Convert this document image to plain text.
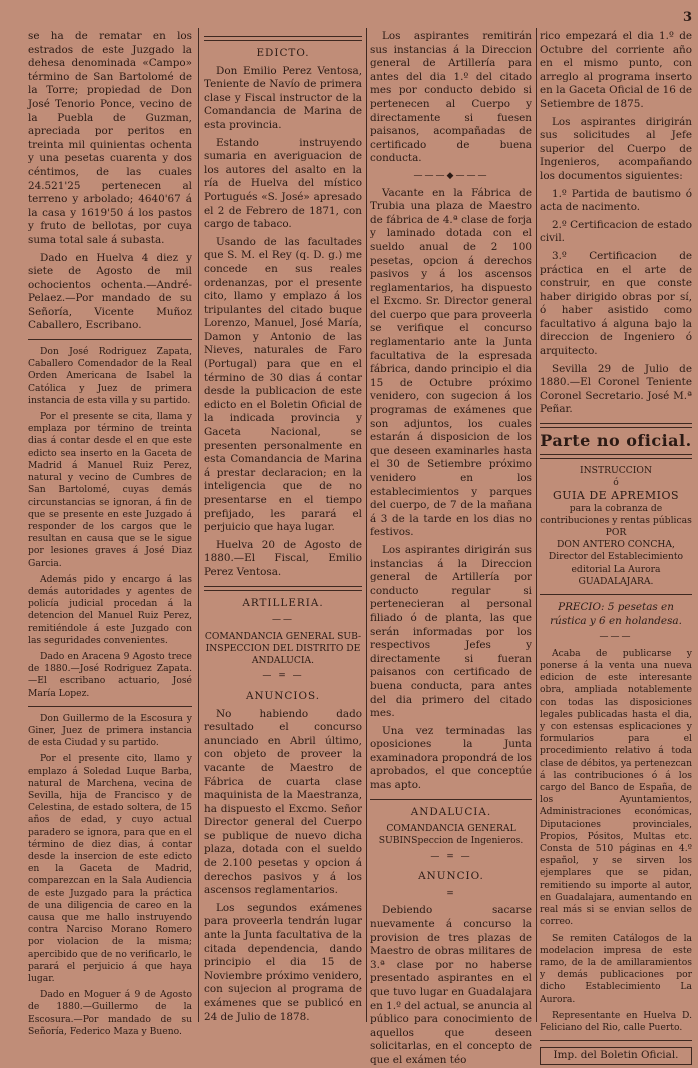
3

se ha de rematar en los estrados de este Juzgado la dehesa denominada «Campo» término de San Bartolomé de la Torre; propiedad de Don José Tenorio Ponce, vecino de la Puebla de Guzman, apreciada por peritos en treinta mil quinientas ochenta y una pesetas cuarenta y dos céntimos, de las cuales 24.521'25 pertenecen al terreno y arbolado; 4640'67 á la casa y 1619'50 á los pastos y fruto de bellotas, por cuya suma total sale á subasta.

Dado en Huelva 4 diez y siete de Agosto de mil ochocientos ochenta.—André-Pelaez.—Por mandado de su Señoría, Vicente Muñoz Caballero, Escribano.

Don José Rodriguez Zapata, Caballero Comendador de la Real Orden Americana de Isabel la Católica y Juez de primera instancia de esta villa y su partido.

Por el presente se cita, llama y emplaza por término de treinta dias á contar desde el en que este edicto sea inserto en la Gaceta de Madrid á Manuel Ruiz Perez, natural y vecino de Cumbres de San Bartolomé, cuyas demás circunstancias se ignoran, á fin de que se presente en este Juzgado á responder de los cargos que le resultan en causa que se le sigue por lesiones graves á José Diaz Garcia.

Además pido y encargo á las demás autoridades y agentes de policía judicial procedan á la detencion del Manuel Ruiz Perez, remitiéndole á este Juzgado con las seguridades convenientes.

Dado en Aracena 9 Agosto trece de 1880.—José Rodriguez Zapata.—El escribano actuario, José María Lopez.

Don Guillermo de la Escosura y Giner, Juez de primera instancia de esta Ciudad y su partido.

Por el presente cito, llamo y emplazo á Soledad Luque Barba, natural de Marchena, vecina de Sevilla, hija de Francisco y de Celestina, de estado soltera, de 15 años de edad, y cuyo actual paradero se ignora, para que en el término de diez dias, á contar desde la insercion de este edicto en la Gaceta de Madrid, comparezcan en la Sala Audiencia de este Juzgado para la práctica de una diligencia de careo en la causa que me hallo instruyendo contra Narciso Morano Romero por violacion de la misma; apercibido que de no verificarlo, le parará el perjuicio á que haya lugar.

Dado en Moguer á 9 de Agosto de 1880.—Guillermo de la Escosura.—Por mandado de su Señoría, Federico Maza y Bueno.

EDICTO.

Don Emilio Perez Ventosa, Teniente de Navío de primera clase y Fiscal instructor de la Comandancia de Marina de esta provincia.

Estando instruyendo sumaria en averiguacion de los autores del asalto en la ría de Huelva del místico Portugués «S. José» apresado el 2 de Febrero de 1871, con cargo de tabaco.

Usando de las facultades que S. M. el Rey (q. D. g.) me concede en sus reales ordenanzas, por el presente cito, llamo y emplazo á los tripulantes del citado buque Lorenzo, Manuel, José María, Damon y Antonio de las Nieves, naturales de Faro (Portugal) para que en el término de 30 dias á contar desde la publicacion de este edicto en el Boletin Oficial de la indicada provincia y Gaceta Nacional, se presenten personalmente en esta Comandancia de Marina á prestar declaracion; en la inteligencia que de no presentarse en el tiempo prefijado, les parará el perjuicio que haya lugar.

Huelva 20 de Agosto de 1880.—El Fiscal, Emilio Perez Ventosa.

ARTILLERIA.
——
COMANDANCIA GENERAL SUB-INSPECCION DEL DISTRITO DE ANDALUCIA.
— = —
ANUNCIOS.

No habiendo dado resultado el concurso anunciado en Abril último, con objeto de proveer la vacante de Maestro de Fábrica de cuarta clase maquinista de la Maestranza, ha dispuesto el Excmo. Señor Director general del Cuerpo se publique de nuevo dicha plaza, dotada con el sueldo de 2.100 pesetas y opcion á derechos pasivos y á los ascensos reglamentarios.

Los segundos exámenes para proveerla tendrán lugar ante la Junta facultativa de la citada dependencia, dando principio el dia 15 de Noviembre próximo venidero, con sujecion al programa de exámenes que se publicó en 24 de Julio de 1878.

Los aspirantes remitirán sus instancias á la Direccion general de Artillería para antes del dia 1.º del citado mes por conducto debido si pertenecen al Cuerpo y directamente si fuesen paisanos, acompañadas de certificado de buena conducta.

———◆———

Vacante en la Fábrica de Trubia una plaza de Maestro de fábrica de 4.ª clase de forja y laminado dotada con el sueldo anual de 2 100 pesetas, opcion á derechos pasivos y á los ascensos reglamentarios, ha dispuesto el Excmo. Sr. Director general del cuerpo que para proveerla se verifique el concurso reglamentario ante la Junta facultativa de la espresada fábrica, dando principio el dia 15 de Octubre próximo venidero, con sugecion á los programas de exámenes que son adjuntos, los cuales estarán á disposicion de los que deseen examinarles hasta el 30 de Setiembre próximo venidero en los establecimientos y parques del cuerpo, de 7 de la mañana á 3 de la tarde en los dias no festivos.

Los aspirantes dirigirán sus instancias á la Direccion general de Artillería por conducto regular si pertenecieran al personal filiado ó de planta, las que serán informadas por los respectivos Jefes y directamente si fueran paisanos con certificado de buena conducta, para antes del dia primero del citado mes.

Una vez terminadas las oposiciones la Junta examinadora propondrá de los aprobados, el que conceptúe mas apto.

ANDALUCIA.
COMANDANCIA GENERAL SUBINSpeccion de Ingenieros.
— = —
ANUNCIO.
=

Debiendo sacarse nuevamente á concurso la provision de tres plazas de Maestro de obras militares de 3.ª clase por no haberse presentado aspirantes en el que tuvo lugar en Guadalajara en 1.º del actual, se anuncia al público para conocimiento de aquellos que deseen solicitarlas, en el concepto de que el exámen téo

rico empezará el dia 1.º de Octubre del corriente año en el mismo punto, con arreglo al programa inserto en la Gaceta Oficial de 16 de Setiembre de 1875.

Los aspirantes dirigirán sus solicitudes al Jefe superior del Cuerpo de Ingenieros, acompañando los documentos siguientes:

1.º Partida de bautismo ó acta de nacimento.

2.º Certificacion de estado civil.

3.º Certificacion de práctica en el arte de construir, en que conste haber dirigido obras por sí, ó haber asistido como facultativo á alguna bajo la direccion de Ingeniero ó arquitecto.

Sevilla 29 de Julio de 1880.—El Coronel Teniente Coronel Secretario. José M.ª Peñar.

Parte no oficial.
INSTRUCCION
ó
GUIA DE APREMIOS
para la cobranza de contribuciones y rentas públicas
POR
DON ANTERO CONCHA,
Director del Establecimiento editorial La Aurora
GUADALAJARA.
PRECIO: 5 pesetas en rústica y 6 en holandesa.
———

Acaba de publicarse y ponerse á la venta una nueva edicion de este interesante obra, ampliada notablemente con todas las disposiciones legales publicadas hasta el dia, y con estensas esplicaciones y formularios para el procedimiento relativo á toda clase de débitos, ya pertenezcan á las contribuciones ó á los cargo del Banco de España, de los Ayuntamientos, Administraciones económicas, Diputaciones provinciales, Propios, Pósitos, Multas etc. Consta de 510 páginas en 4.º español, y se sirven los ejemplares que se pidan, remitiendo su importe al autor, en Guadalajara, aumentando en real más si se envian sellos de correo.

Se remiten Catálogos de la modelacion impresa de este ramo, de la de amillaramientos y demás publicaciones por dicho Establecimiento La Aurora.

Representante en Huelva D. Feliciano del Rio, calle Puerto.

Imp. del Boletin Oficial.
